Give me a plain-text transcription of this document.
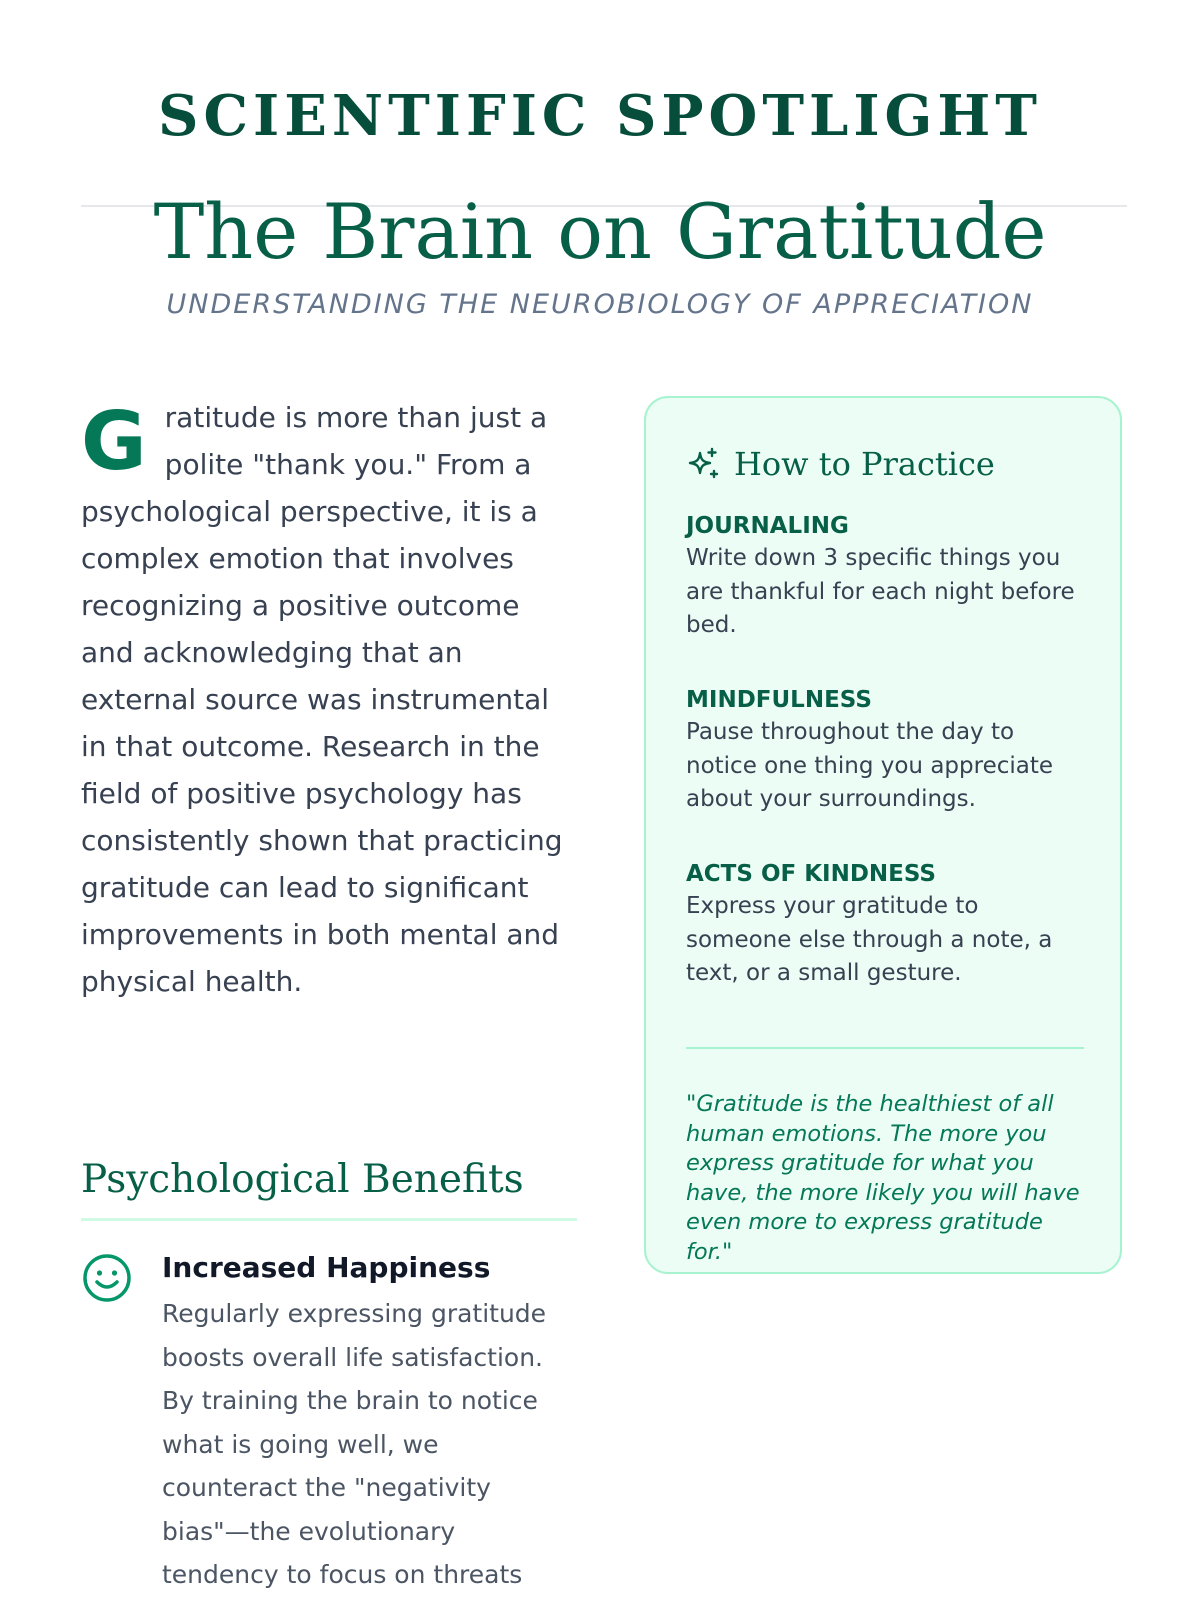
SCIENTIFIC SPOTLIGHT
The Brain on Gratitude

UNDERSTANDING THE NEUROBIOLOGY OF APPRECIATION

Gratitude is more than just a polite "thank you." From a psychological perspective, it is a complex emotion that involves recognizing a positive outcome and acknowledging that an external source was instrumental in that outcome. Research in the field of positive psychology has consistently shown that practicing gratitude can lead to significant improvements in both mental and physical health.

Psychological Benefits
Increased Happiness

Regularly expressing gratitude boosts overall life satisfaction. By training the brain to notice what is going well, we counteract the "negativity bias"—the evolutionary tendency to focus on threats

How to Practice

JOURNALING

Write down 3 specific things you are thankful for each night before bed.

MINDFULNESS

Pause throughout the day to notice one thing you appreciate about your surroundings.

ACTS OF KINDNESS

Express your gratitude to someone else through a note, a text, or a small gesture.

"Gratitude is the healthiest of all human emotions. The more you express gratitude for what you have, the more likely you will have even more to express gratitude for."
